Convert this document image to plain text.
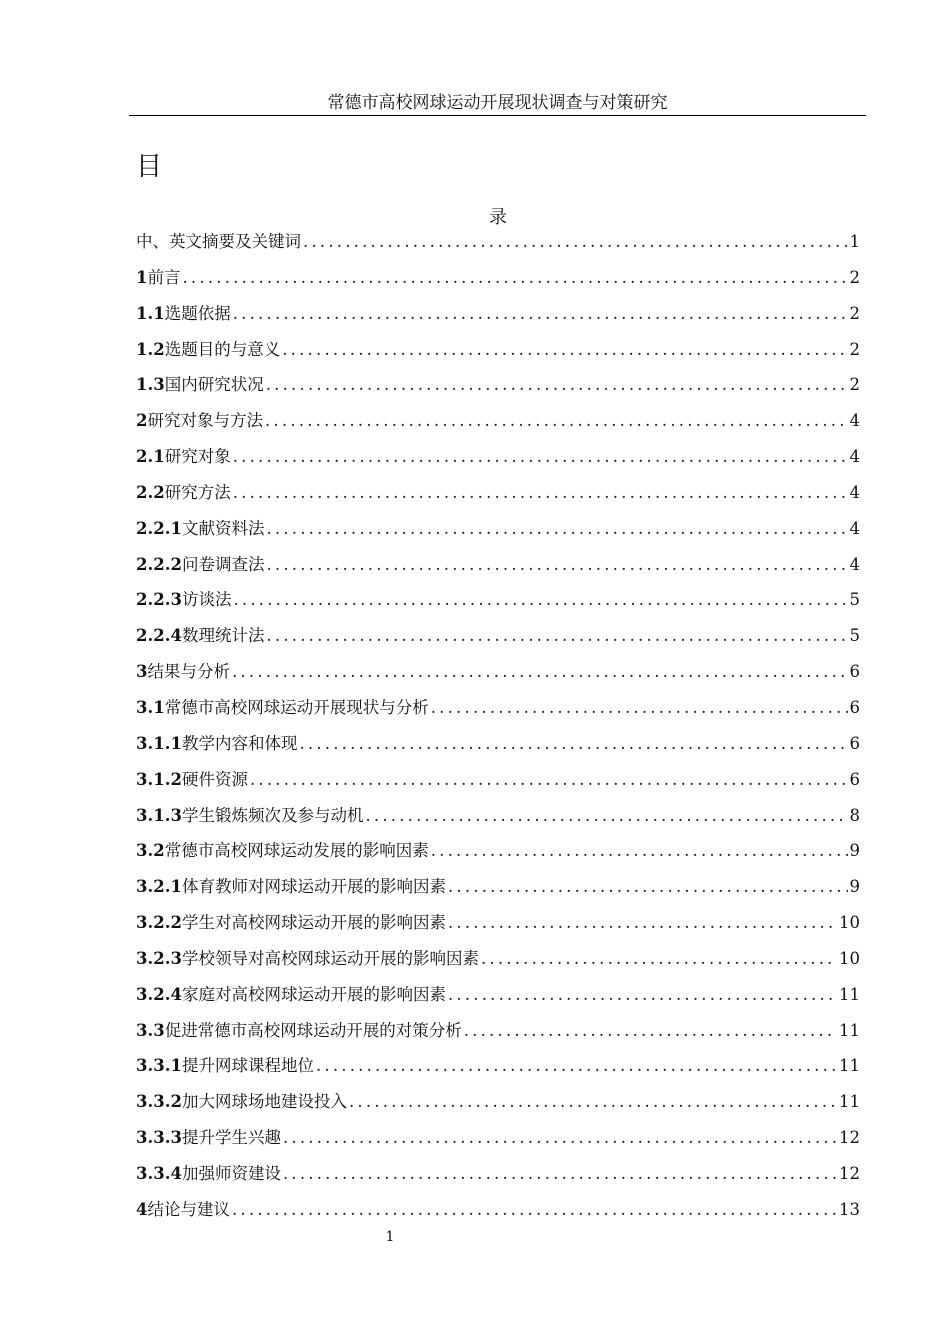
常德市高校网球运动开展现状调查与对策研究
目
录
中、英文摘要及关键词 .....	1
1前言 .....	2
1.1选题依据 .....	2
1.2选题目的与意义 .....	2
1.3国内研究状况 .....	2
2研究对象与方法 .....	4
2.1研究对象 .....	4
2.2研究方法 .....	4
2.2.1文献资料法 .....	4
2.2.2问卷调查法 .....	4
2.2.3访谈法 .....	5
2.2.4数理统计法 .....	5
3结果与分析 .....	6
3.1常德市高校网球运动开展现状与分析 .....	6
3.1.1教学内容和体现 .....	6
3.1.2硬件资源 .....	6
3.1.3学生锻炼频次及参与动机 .....	8
3.2常德市高校网球运动发展的影响因素 .....	9
3.2.1体育教师对网球运动开展的影响因素 .....	9
3.2.2学生对高校网球运动开展的影响因素 .....	10
3.2.3学校领导对高校网球运动开展的影响因素 .....	10
3.2.4家庭对高校网球运动开展的影响因素 .....	11
3.3促进常德市高校网球运动开展的对策分析 .....	11
3.3.1提升网球课程地位 .....	11
3.3.2加大网球场地建设投入 .....	11
3.3.3提升学生兴趣 .....	12
3.3.4加强师资建设 .....	12
4结论与建议 .....	13
1
